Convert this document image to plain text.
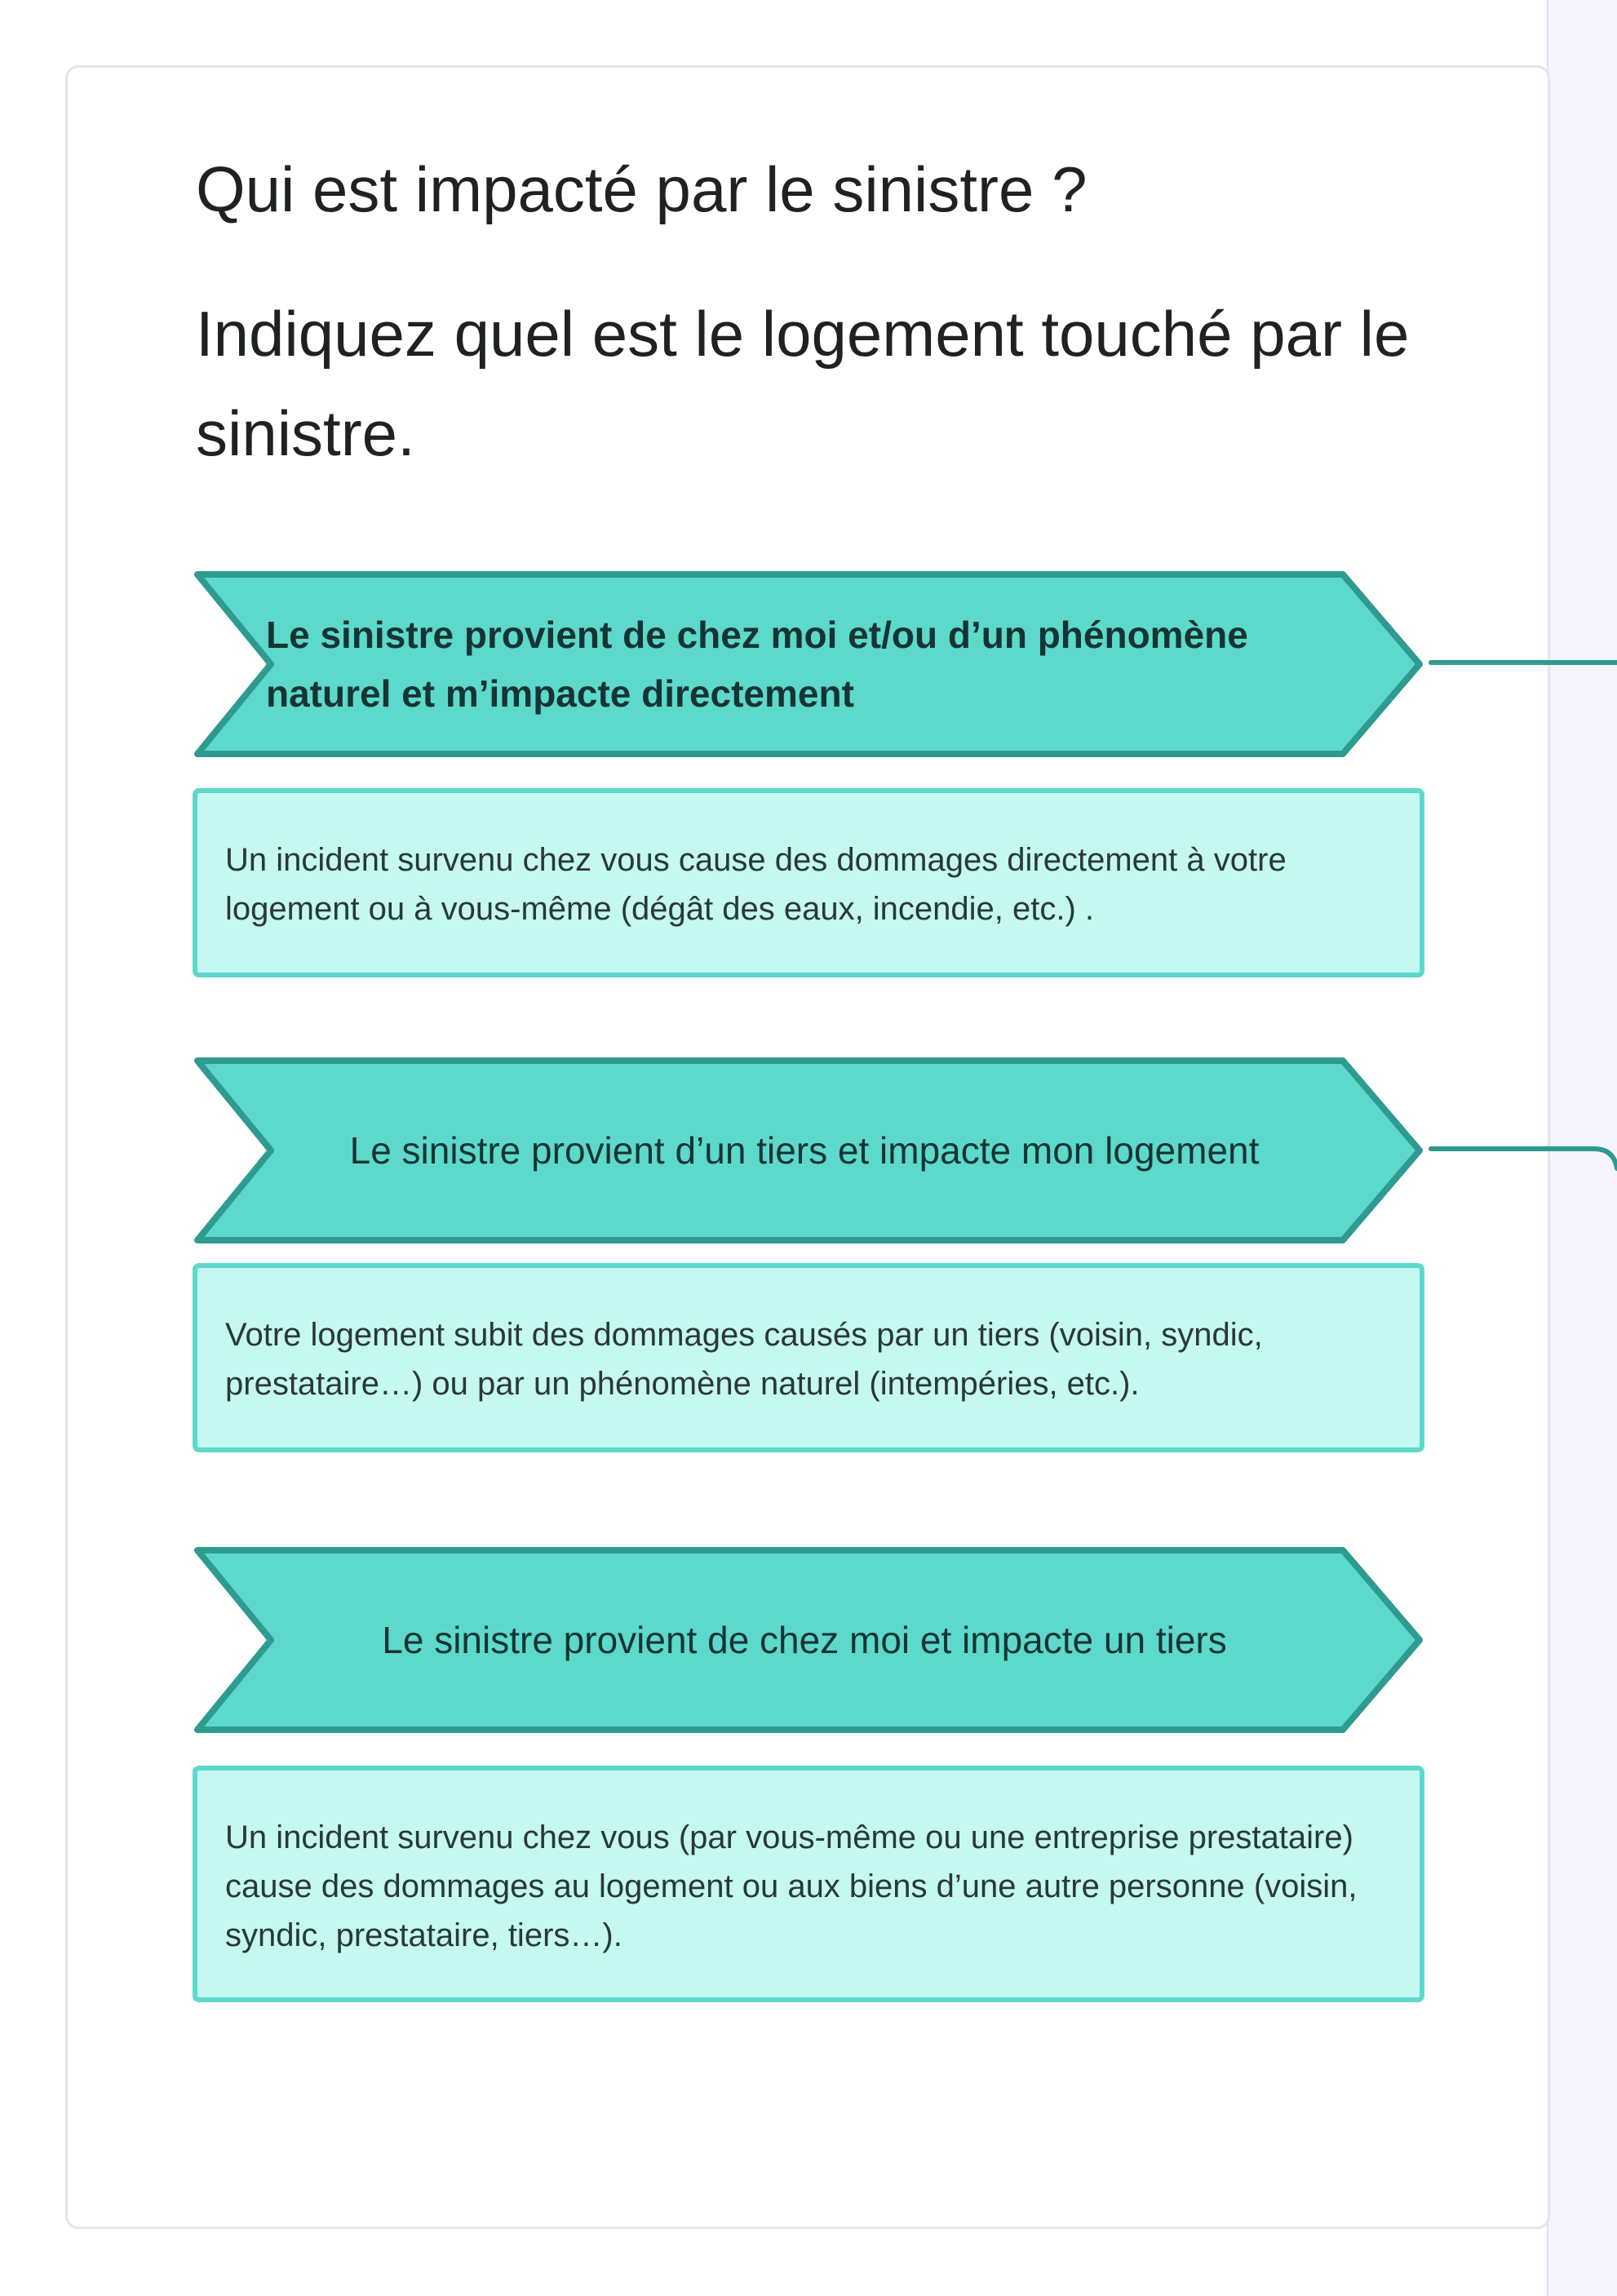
Qui est impacté par le sinistre ?
Indiquez quel est le logement touché par le sinistre.
Le sinistre provient de chez moi et/ou d’un phénomène naturel et m’impacte directement
Un incident survenu chez vous cause des dommages directement à votre logement ou à vous-même (dégât des eaux, incendie, etc.) .
Le sinistre provient d’un tiers et impacte mon logement
Votre logement subit des dommages causés par un tiers (voisin, syndic, prestataire…) ou par un phénomène naturel (intempéries, etc.).
Le sinistre provient de chez moi et impacte un tiers
Un incident survenu chez vous (par vous-même ou une entreprise prestataire) cause des dommages au logement ou aux biens d’une autre personne (voisin, syndic, prestataire, tiers…).
